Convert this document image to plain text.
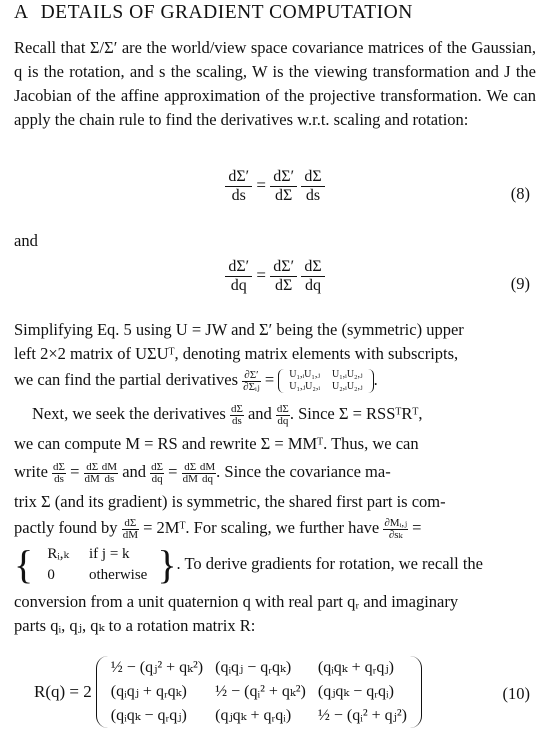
A DETAILS OF GRADIENT COMPUTATION
Recall that Σ/Σ′ are the world/view space covariance matrices of the Gaussian, q is the rotation, and s the scaling, W is the viewing transformation and J the Jacobian of the affine approximation of the projective transformation. We can apply the chain rule to find the derivatives w.r.t. scaling and rotation:
$\frac{d\Sigma'}{ds} = \frac{d\Sigma'}{d\Sigma}$
$\frac{d\Sigma}{ds}$	(8)
and
$\frac{d\Sigma'}{dq} = \frac{d\Sigma'}{d\Sigma}$
$\frac{d\Sigma}{dq}$	(9)
Simplifying Eq. 5 using U = JW and Σ′ being the (symmetric) upper
left 2×2 matrix of UΣUᵀ, denoting matrix elements with subscripts,
we can find the partial derivatives ∂Σ′
∂Σᵢⱼ = U₁,ᵢU₁,ⱼ	U₁,ᵢU₂,ⱼ
U₁,ⱼU₂,ᵢ	U₂,ᵢU₂,ⱼ .
Next, we seek the derivatives $\frac{d\Sigma}{ds}$ and $\frac{d\Sigma}{dq}$ . Since Σ = RSSᵀRᵀ,
we can compute M = RS and rewrite Σ = MMᵀ. Thus, we can
write $\frac{d\Sigma}{ds} = \frac{d\Sigma}{dM} \frac{dM}{ds}$ and $\frac{d\Sigma}{dq} = \frac{d\Sigma}{dM} \frac{dM}{dq}$ . Since the covariance ma-
trix Σ (and its gradient) is symmetric, the shared first part is com-
pactly found by $\frac{d\Sigma}{dM}$ = 2Mᵀ. For scaling, we further have $\frac{\text{∂Mᵢ,ⱼ}}{\text{∂sₖ}}$ =
{ Rᵢ,ₖ	if j = k
0	otherwise }. To derive gradients for rotation, we recall the
conversion from a unit quaternion q with real part qᵣ and imaginary
parts qᵢ, qⱼ, qₖ to a rotation matrix R:
R(q) = 2 ½ − (qⱼ² + qₖ²)	(qᵢqⱼ − qᵣqₖ)	(qᵢqₖ + qᵣqⱼ)
(qᵢqⱼ + qᵣqₖ)	½ − (qᵢ² + qₖ²)	(qⱼqₖ − qᵣqᵢ)
(qᵢqₖ − qᵣqⱼ)	(qⱼqₖ + qᵣqᵢ)	½ − (qᵢ² + qⱼ²)
(10)
